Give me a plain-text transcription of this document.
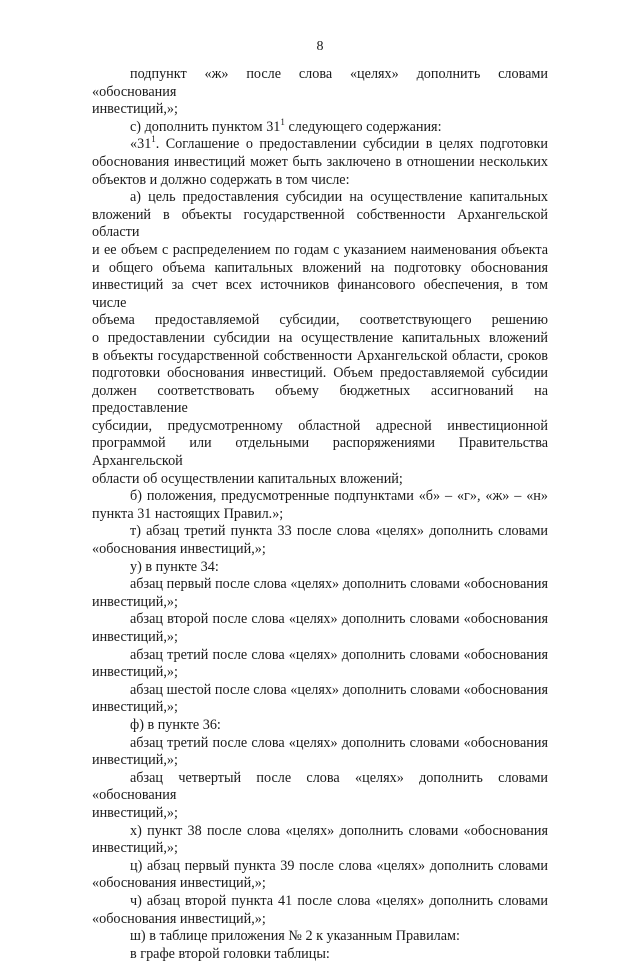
8
подпункт «ж» после слова «целях» дополнить словами «обоснования
инвестиций,»;
с) дополнить пунктом $31^1$ следующего содержания:
«$31^1$. Соглашение о предоставлении субсидии в целях подготовки
обоснования инвестиций может быть заключено в отношении нескольких
объектов и должно содержать в том числе:
а) цель предоставления субсидии на осуществление капитальных
вложений в объекты государственной собственности Архангельской области
и ее объем с распределением по годам с указанием наименования объекта
и общего объема капитальных вложений на подготовку обоснования
инвестиций за счет всех источников финансового обеспечения, в том числе
объема предоставляемой субсидии, соответствующего решению
о предоставлении субсидии на осуществление капитальных вложений
в объекты государственной собственности Архангельской области, сроков
подготовки обоснования инвестиций. Объем предоставляемой субсидии
должен соответствовать объему бюджетных ассигнований на предоставление
субсидии, предусмотренному областной адресной инвестиционной
программой или отдельными распоряжениями Правительства Архангельской
области об осуществлении капитальных вложений;
б) положения, предусмотренные подпунктами «б» – «г», «ж» – «н»
пункта 31 настоящих Правил.»;
т) абзац третий пункта 33 после слова «целях» дополнить словами
«обоснования инвестиций,»;
у) в пункте 34:
абзац первый после слова «целях» дополнить словами «обоснования
инвестиций,»;
абзац второй после слова «целях» дополнить словами «обоснования
инвестиций,»;
абзац третий после слова «целях» дополнить словами «обоснования
инвестиций,»;
абзац шестой после слова «целях» дополнить словами «обоснования
инвестиций,»;
ф) в пункте 36:
абзац третий после слова «целях» дополнить словами «обоснования
инвестиций,»;
абзац четвертый после слова «целях» дополнить словами «обоснования
инвестиций,»;
х) пункт 38 после слова «целях» дополнить словами «обоснования
инвестиций,»;
ц) абзац первый пункта 39 после слова «целях» дополнить словами
«обоснования инвестиций,»;
ч) абзац второй пункта 41 после слова «целях» дополнить словами
«обоснования инвестиций,»;
ш) в таблице приложения № 2 к указанным Правилам:
в графе второй головки таблицы:
